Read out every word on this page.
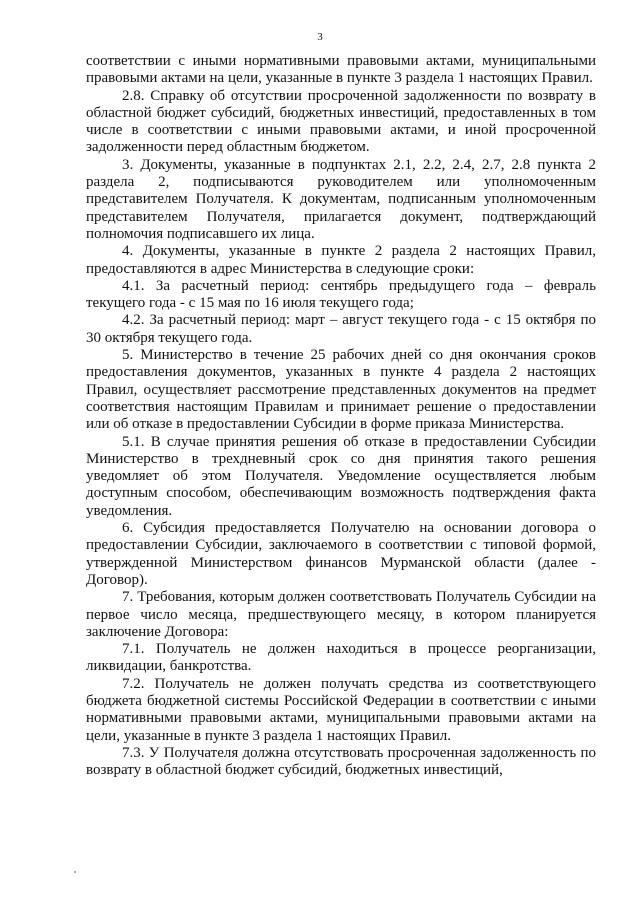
3

соответствии с иными нормативными правовыми актами, муниципальными правовыми актами на цели, указанные в пункте 3 раздела 1 настоящих Правил.

2.8. Справку об отсутствии просроченной задолженности по возврату в областной бюджет субсидий, бюджетных инвестиций, предоставленных в том числе в соответствии с иными правовыми актами, и иной просроченной задолженности перед областным бюджетом.

3. Документы, указанные в подпунктах 2.1, 2.2, 2.4, 2.7, 2.8 пункта 2 раздела 2, подписываются руководителем или уполномоченным представителем Получателя. К документам, подписанным уполномоченным представителем Получателя, прилагается документ, подтверждающий полномочия подписавшего их лица.

4. Документы, указанные в пункте 2 раздела 2 настоящих Правил, предоставляются в адрес Министерства в следующие сроки:

4.1. За расчетный период: сентябрь предыдущего года – февраль текущего года - с 15 мая по 16 июля текущего года;

4.2. За расчетный период: март – август текущего года - с 15 октября по 30 октября текущего года.

5. Министерство в течение 25 рабочих дней со дня окончания сроков предоставления документов, указанных в пункте 4 раздела 2 настоящих Правил, осуществляет рассмотрение представленных документов на предмет соответствия настоящим Правилам и принимает решение о предоставлении или об отказе в предоставлении Субсидии в форме приказа Министерства.

5.1. В случае принятия решения об отказе в предоставлении Субсидии Министерство в трехдневный срок со дня принятия такого решения уведомляет об этом Получателя. Уведомление осуществляется любым доступным способом, обеспечивающим возможность подтверждения факта уведомления.

6. Субсидия предоставляется Получателю на основании договора о предоставлении Субсидии, заключаемого в соответствии с типовой формой, утвержденной Министерством финансов Мурманской области (далее - Договор).

7. Требования, которым должен соответствовать Получатель Субсидии на первое число месяца, предшествующего месяцу, в котором планируется заключение Договора:

7.1. Получатель не должен находиться в процессе реорганизации, ликвидации, банкротства.

7.2. Получатель не должен получать средства из соответствующего бюджета бюджетной системы Российской Федерации в соответствии с иными нормативными правовыми актами, муниципальными правовыми актами на цели, указанные в пункте 3 раздела 1 настоящих Правил.

7.3. У Получателя должна отсутствовать просроченная задолженность по возврату в областной бюджет субсидий, бюджетных инвестиций,
